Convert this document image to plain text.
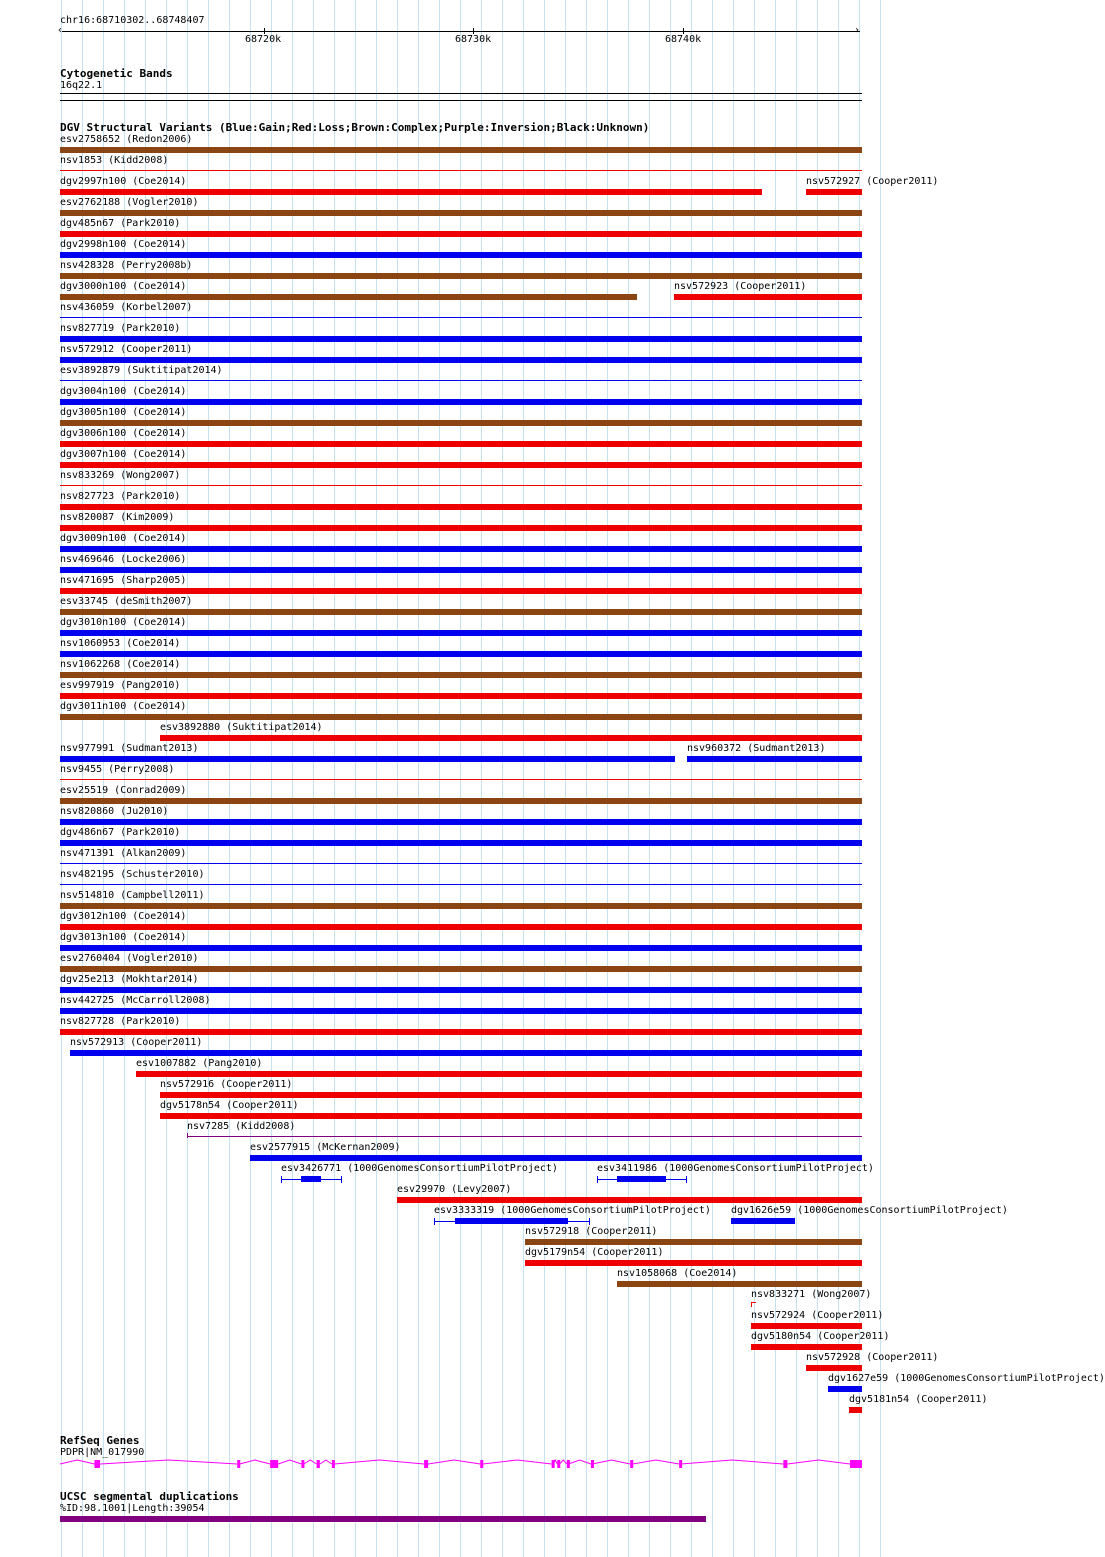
chr16:68710302..68748407
‹	›
68720k	68730k	68740k
Cytogenetic Bands
16q22.1
DGV Structural Variants (Blue:Gain;Red:Loss;Brown:Complex;Purple:Inversion;Black:Unknown)
esv2758652 (Redon2006)
nsv1853 (Kidd2008)
dgv2997n100 (Coe2014)	nsv572927 (Cooper2011)
esv2762188 (Vogler2010)
dgv485n67 (Park2010)
dgv2998n100 (Coe2014)
nsv428328 (Perry2008b)
dgv3000n100 (Coe2014)	nsv572923 (Cooper2011)
nsv436059 (Korbel2007)
nsv827719 (Park2010)
nsv572912 (Cooper2011)
esv3892879 (Suktitipat2014)
dgv3004n100 (Coe2014)
dgv3005n100 (Coe2014)
dgv3006n100 (Coe2014)
dgv3007n100 (Coe2014)
nsv833269 (Wong2007)
nsv827723 (Park2010)
nsv820087 (Kim2009)
dgv3009n100 (Coe2014)
nsv469646 (Locke2006)
nsv471695 (Sharp2005)
esv33745 (deSmith2007)
dgv3010n100 (Coe2014)
nsv1060953 (Coe2014)
nsv1062268 (Coe2014)
esv997919 (Pang2010)
dgv3011n100 (Coe2014)
esv3892880 (Suktitipat2014)
nsv977991 (Sudmant2013)	nsv960372 (Sudmant2013)
nsv9455 (Perry2008)
esv25519 (Conrad2009)
nsv820860 (Ju2010)
dgv486n67 (Park2010)
nsv471391 (Alkan2009)
nsv482195 (Schuster2010)
nsv514810 (Campbell2011)
dgv3012n100 (Coe2014)
dgv3013n100 (Coe2014)
esv2760404 (Vogler2010)
dgv25e213 (Mokhtar2014)
nsv442725 (McCarroll2008)
nsv827728 (Park2010)
nsv572913 (Cooper2011)
esv1007882 (Pang2010)
nsv572916 (Cooper2011)
dgv5178n54 (Cooper2011)
nsv7285 (Kidd2008)
esv2577915 (McKernan2009)
esv3426771 (1000GenomesConsortiumPilotProject)	esv3411986 (1000GenomesConsortiumPilotProject)
esv29970 (Levy2007)
esv3333319 (1000GenomesConsortiumPilotProject) dgv1626e59 (1000GenomesConsortiumPilotProject)
nsv572918 (Cooper2011)
dgv5179n54 (Cooper2011)
nsv1058068 (Coe2014)
nsv833271 (Wong2007)
nsv572924 (Cooper2011)
dgv5180n54 (Cooper2011)
nsv572928 (Cooper2011)
dgv1627e59 (1000GenomesConsortiumPilotProject)
dgv5181n54 (Cooper2011)
RefSeq Genes
PDPR|NM_017990
UCSC segmental duplications
%ID:98.1001|Length:39054
